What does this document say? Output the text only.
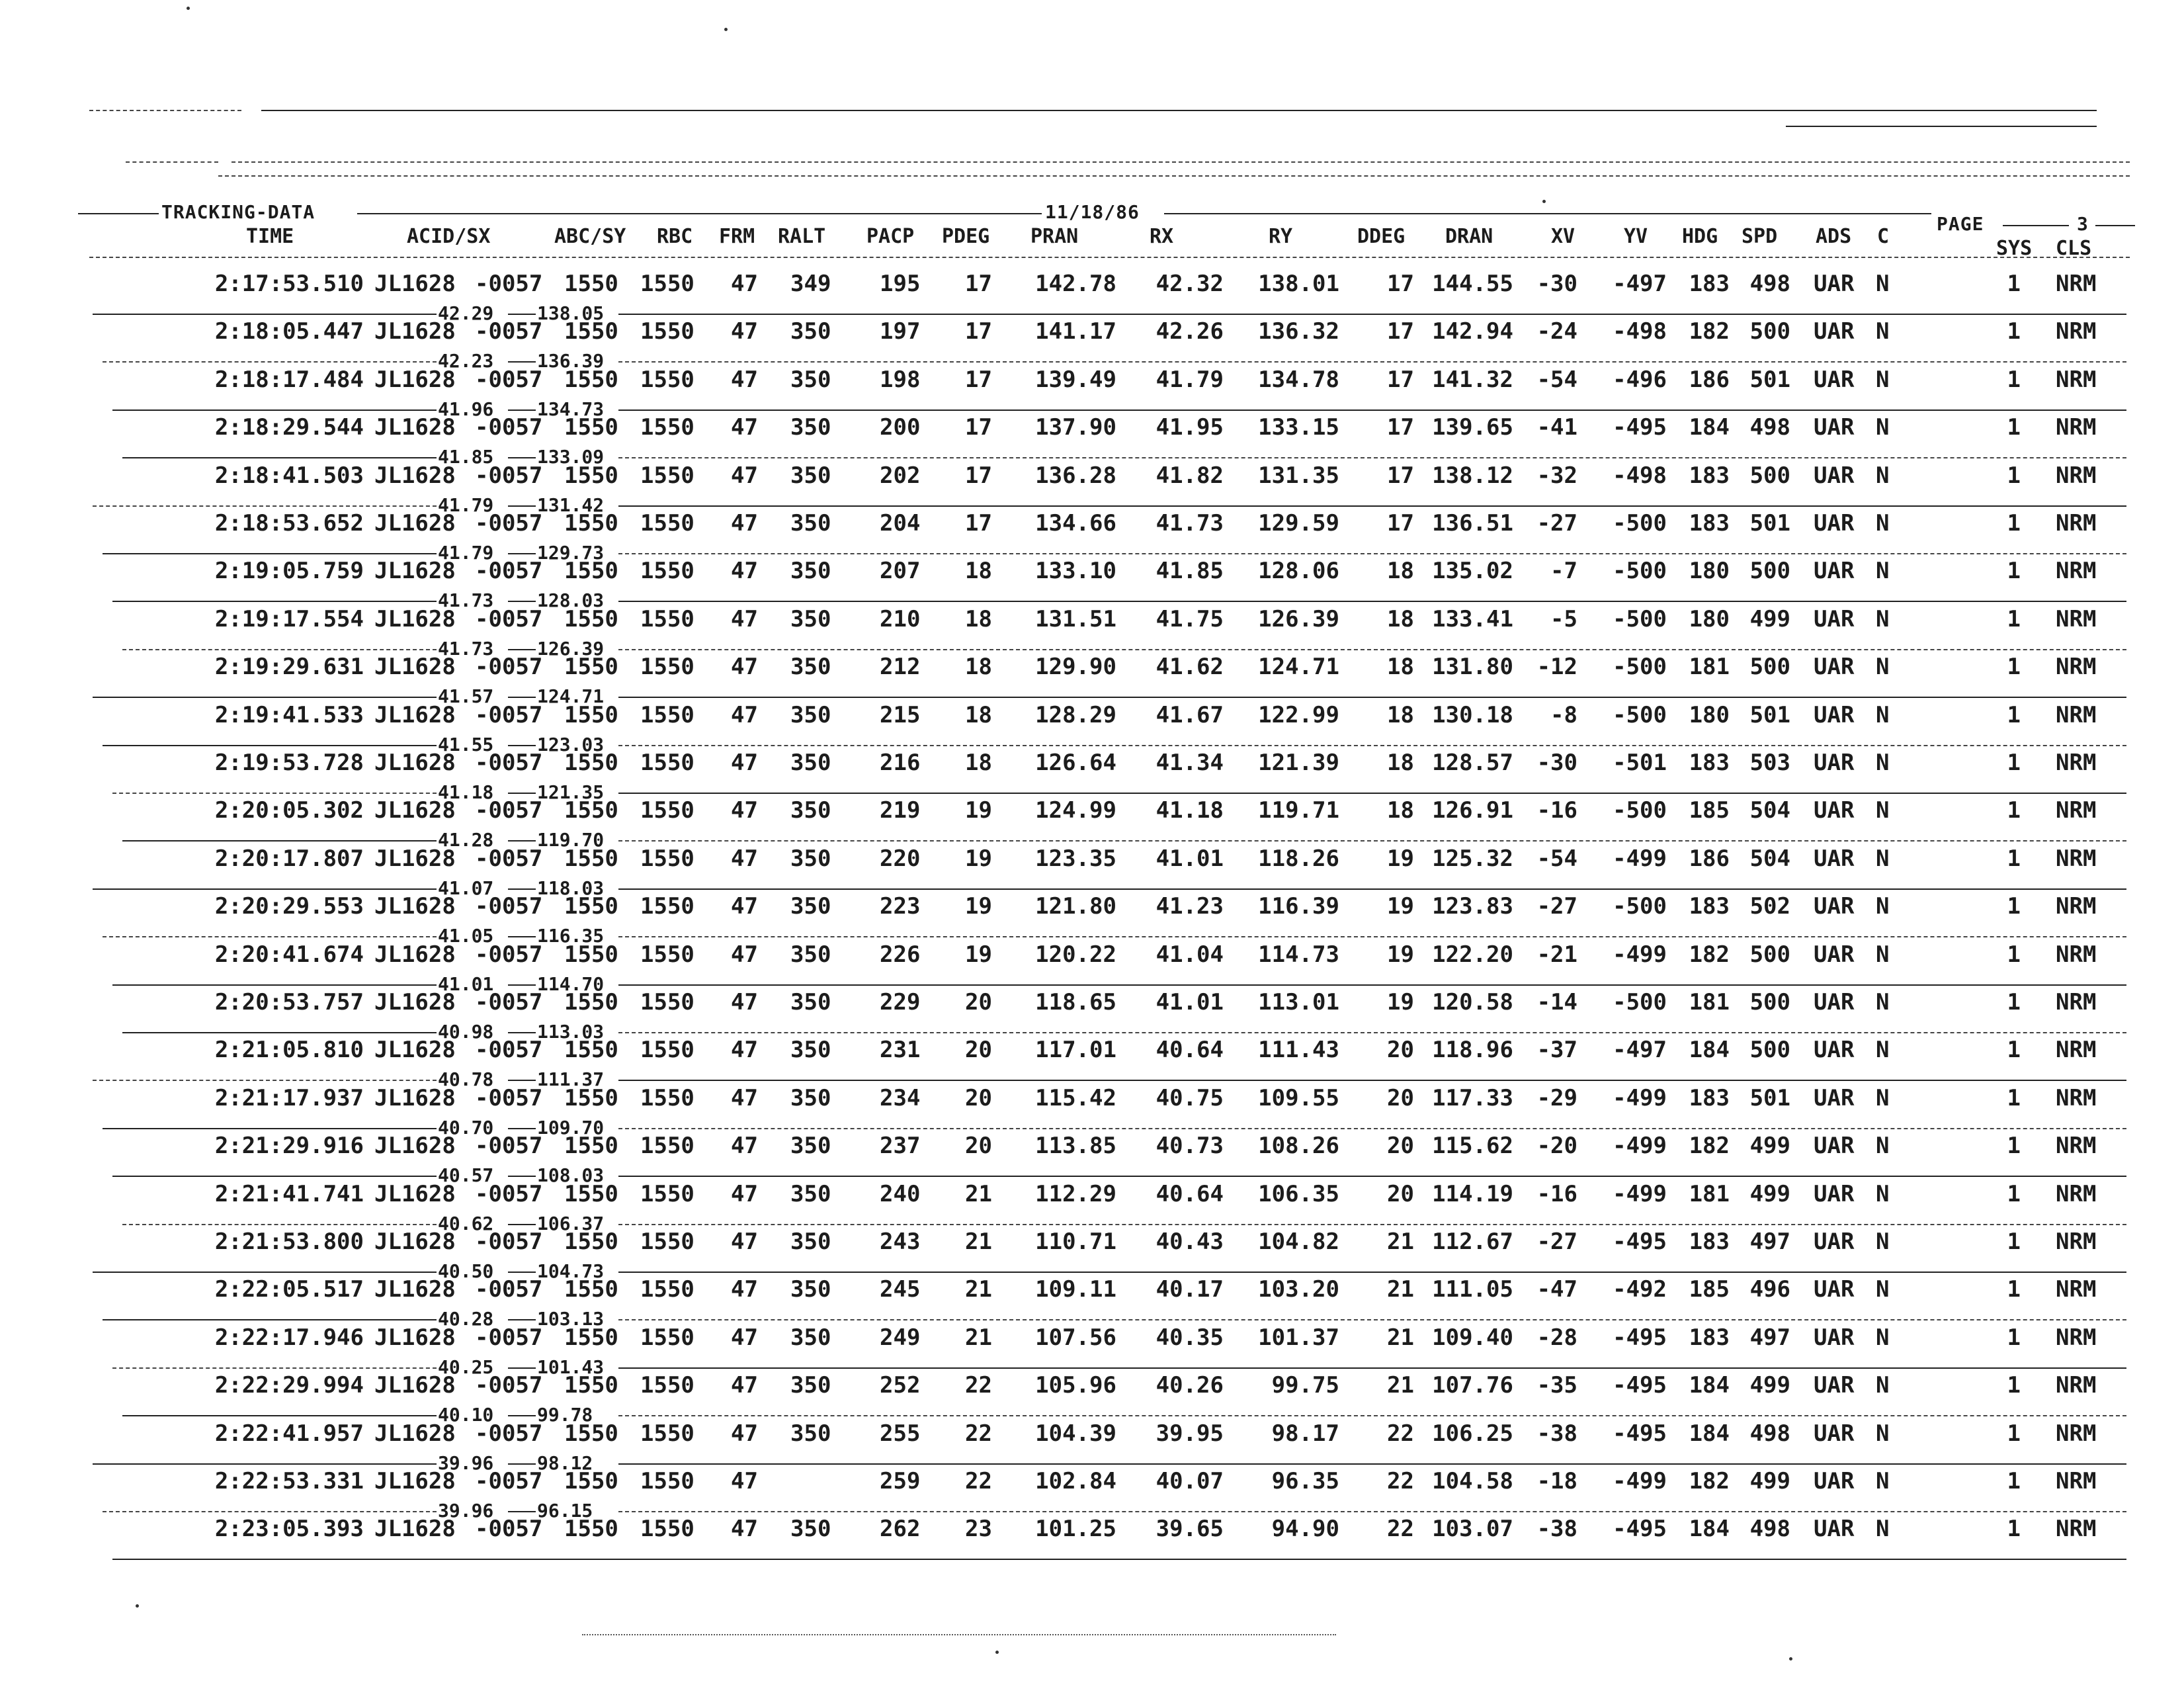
TRACKING-DATA	11/18/86
PAGE	3
TIME	ACID/SX	ABC/SY RBC FRM RALT PACP PDEG PRAN	RX	RY	DDEG DRAN	XV YV HDG SPD ADS C
SYS CLS
2:17:53.510 JL1628 -0057 1550 1550 47 349 195	17	142.78	42.32	138.01	17 144.55	-30	-497 183 498 UAR N	1 NRM
42.29 138.05
2:18:05.447 JL1628 -0057 1550 1550 47 350 197	17	141.17	42.26	136.32	17 142.94	-24	-498 182 500 UAR N	1 NRM
42.23 136.39
2:18:17.484 JL1628 -0057 1550 1550 47 350 198	17	139.49	41.79	134.78	17 141.32	-54	-496 186 501 UAR N	1 NRM
41.96 134.73
2:18:29.544 JL1628 -0057 1550 1550 47 350 200	17	137.90	41.95	133.15	17 139.65	-41	-495 184 498 UAR N	1 NRM
41.85 133.09
2:18:41.503 JL1628 -0057 1550 1550 47 350 202	17	136.28	41.82	131.35	17 138.12	-32	-498 183 500 UAR N	1 NRM
41.79 131.42
2:18:53.652 JL1628 -0057 1550 1550 47 350 204	17	134.66	41.73	129.59	17 136.51	-27	-500 183 501 UAR N	1 NRM
41.79 129.73
2:19:05.759 JL1628 -0057 1550 1550 47 350 207	18	133.10	41.85	128.06	18 135.02	-7	-500 180 500 UAR N	1 NRM
41.73 128.03
2:19:17.554 JL1628 -0057 1550 1550 47 350 210	18	131.51	41.75	126.39	18 133.41	-5	-500 180 499 UAR N	1 NRM
41.73 126.39
2:19:29.631 JL1628 -0057 1550 1550 47 350 212	18	129.90	41.62	124.71	18 131.80	-12	-500 181 500 UAR N	1 NRM
41.57 124.71
2:19:41.533 JL1628 -0057 1550 1550 47 350 215	18	128.29	41.67	122.99	18 130.18	-8	-500 180 501 UAR N	1 NRM
41.55 123.03
2:19:53.728 JL1628 -0057 1550 1550 47 350 216	18	126.64	41.34	121.39	18 128.57	-30	-501 183 503 UAR N	1 NRM
41.18 121.35
2:20:05.302 JL1628 -0057 1550 1550 47 350 219	19	124.99	41.18	119.71	18 126.91	-16	-500 185 504 UAR N	1 NRM
41.28 119.70
2:20:17.807 JL1628 -0057 1550 1550 47 350 220	19	123.35	41.01	118.26	19 125.32	-54	-499 186 504 UAR N	1 NRM
41.07 118.03
2:20:29.553 JL1628 -0057 1550 1550 47 350 223	19	121.80	41.23	116.39	19 123.83	-27	-500 183 502 UAR N	1 NRM
41.05 116.35
2:20:41.674 JL1628 -0057 1550 1550 47 350 226	19	120.22	41.04	114.73	19 122.20	-21	-499 182 500 UAR N	1 NRM
41.01 114.70
2:20:53.757 JL1628 -0057 1550 1550 47 350 229	20	118.65	41.01	113.01	19 120.58	-14	-500 181 500 UAR N	1 NRM
40.98 113.03
2:21:05.810 JL1628 -0057 1550 1550 47 350 231	20	117.01	40.64	111.43	20 118.96	-37	-497 184 500 UAR N	1 NRM
40.78 111.37
2:21:17.937 JL1628 -0057 1550 1550 47 350 234	20	115.42	40.75	109.55	20 117.33	-29	-499 183 501 UAR N	1 NRM
40.70 109.70
2:21:29.916 JL1628 -0057 1550 1550 47 350 237	20	113.85	40.73	108.26	20 115.62	-20	-499 182 499 UAR N	1 NRM
40.57 108.03
2:21:41.741 JL1628 -0057 1550 1550 47 350 240	21	112.29	40.64	106.35	20 114.19	-16	-499 181 499 UAR N	1 NRM
40.62 106.37
2:21:53.800 JL1628 -0057 1550 1550 47 350 243	21	110.71	40.43	104.82	21 112.67	-27	-495 183 497 UAR N	1 NRM
40.50 104.73
2:22:05.517 JL1628 -0057 1550 1550 47 350 245	21	109.11	40.17	103.20	21 111.05	-47	-492 185 496 UAR N	1 NRM
40.28 103.13
2:22:17.946 JL1628 -0057 1550 1550 47 350 249	21	107.56	40.35	101.37	21 109.40	-28	-495 183 497 UAR N	1 NRM
40.25 101.43
2:22:29.994 JL1628 -0057 1550 1550 47 350 252	22	105.96	40.26	99.75	21 107.76	-35	-495 184 499 UAR N	1 NRM
40.10 99.78
2:22:41.957 JL1628 -0057 1550 1550 47 350 255	22	104.39	39.95	98.17	22 106.25	-38	-495 184 498 UAR N	1 NRM
39.96 98.12
2:22:53.331 JL1628 -0057 1550 1550 47	259	22	102.84	40.07	96.35	22 104.58	-18	-499 182 499 UAR N	1 NRM
39.96 96.15
2:23:05.393 JL1628 -0057 1550 1550 47 350 262	23	101.25	39.65	94.90	22 103.07	-38	-495 184 498 UAR N	1 NRM
